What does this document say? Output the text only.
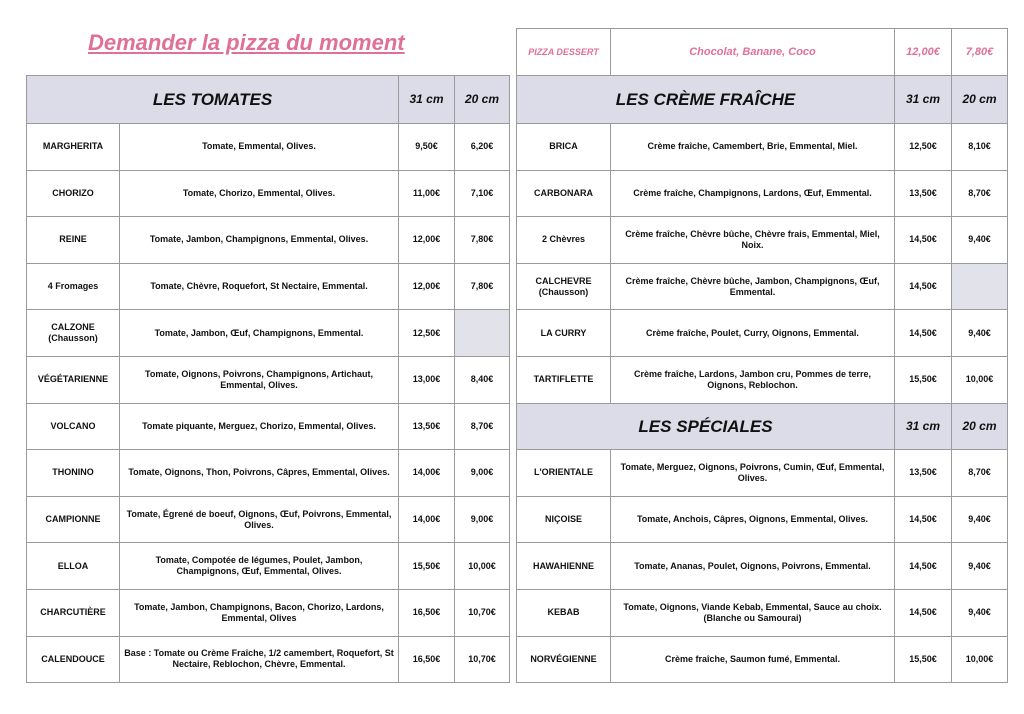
Demander la pizza du moment	PIZZA DESSERT	Chocolat, Banane, Coco	12,00€	7,80€
LES TOMATES		31 cm	20 cm
MARGHERITA	Tomate, Emmental, Olives.	9,50€	6,20€
CHORIZO	Tomate, Chorizo, Emmental, Olives.	11,00€	7,10€
REINE	Tomate, Jambon, Champignons, Emmental, Olives.	12,00€	7,80€
4 Fromages	Tomate, Chèvre, Roquefort, St Nectaire, Emmental.	12,00€	7,80€
CALZONE (Chausson)	Tomate, Jambon, Œuf, Champignons, Emmental.	12,50€	
VÉGÉTARIENNE	Tomate, Oignons, Poivrons, Champignons, Artichaut, Emmental, Olives.	13,00€	8,40€
VOLCANO	Tomate piquante, Merguez, Chorizo, Emmental, Olives.	13,50€	8,70€
THONINO	Tomate, Oignons, Thon, Poivrons, Câpres, Emmental, Olives.	14,00€	9,00€
CAMPIONNE	Tomate, Égrené de boeuf, Oignons, Œuf, Poivrons, Emmental, Olives.	14,00€	9,00€
ELLOA	Tomate, Compotée de légumes, Poulet, Jambon, Champignons, Œuf, Emmental, Olives.	15,50€	10,00€
CHARCUTIÈRE	Tomate, Jambon, Champignons, Bacon, Chorizo, Lardons, Emmental, Olives	16,50€	10,70€
CALENDOUCE	Base : Tomate ou Crème Fraîche, 1/2 camembert, Roquefort, St Nectaire, Reblochon, Chèvre, Emmental.	16,50€	10,70€
LES CRÈME FRAÎCHE		31 cm	20 cm
BRICA	Crème fraîche, Camembert, Brie, Emmental, Miel.	12,50€	8,10€
CARBONARA	Crème fraîche, Champignons, Lardons, Œuf, Emmental.	13,50€	8,70€
2 Chèvres	Crème fraîche, Chèvre bûche, Chèvre frais, Emmental, Miel, Noix.	14,50€	9,40€
CALCHEVRE (Chausson)	Crème fraîche, Chèvre bûche, Jambon, Champignons, Œuf, Emmental.	14,50€	
LA CURRY	Crème fraîche, Poulet, Curry, Oignons, Emmental.	14,50€	9,40€
TARTIFLETTE	Crème fraîche, Lardons, Jambon cru, Pommes de terre, Oignons, Reblochon.	15,50€	10,00€
LES SPÉCIALES		31 cm	20 cm
L'ORIENTALE	Tomate, Merguez, Oignons, Poivrons, Cumin, Œuf, Emmental, Olives.	13,50€	8,70€
NIÇOISE	Tomate, Anchois, Câpres, Oignons, Emmental, Olives.	14,50€	9,40€
HAWAHIENNE	Tomate, Ananas, Poulet, Oignons, Poivrons, Emmental.	14,50€	9,40€
KEBAB	Tomate, Oignons, Viande Kebab, Emmental, Sauce au choix. (Blanche ou Samourai)	14,50€	9,40€
NORVÉGIENNE	Crème fraîche, Saumon fumé, Emmental.	15,50€	10,00€
